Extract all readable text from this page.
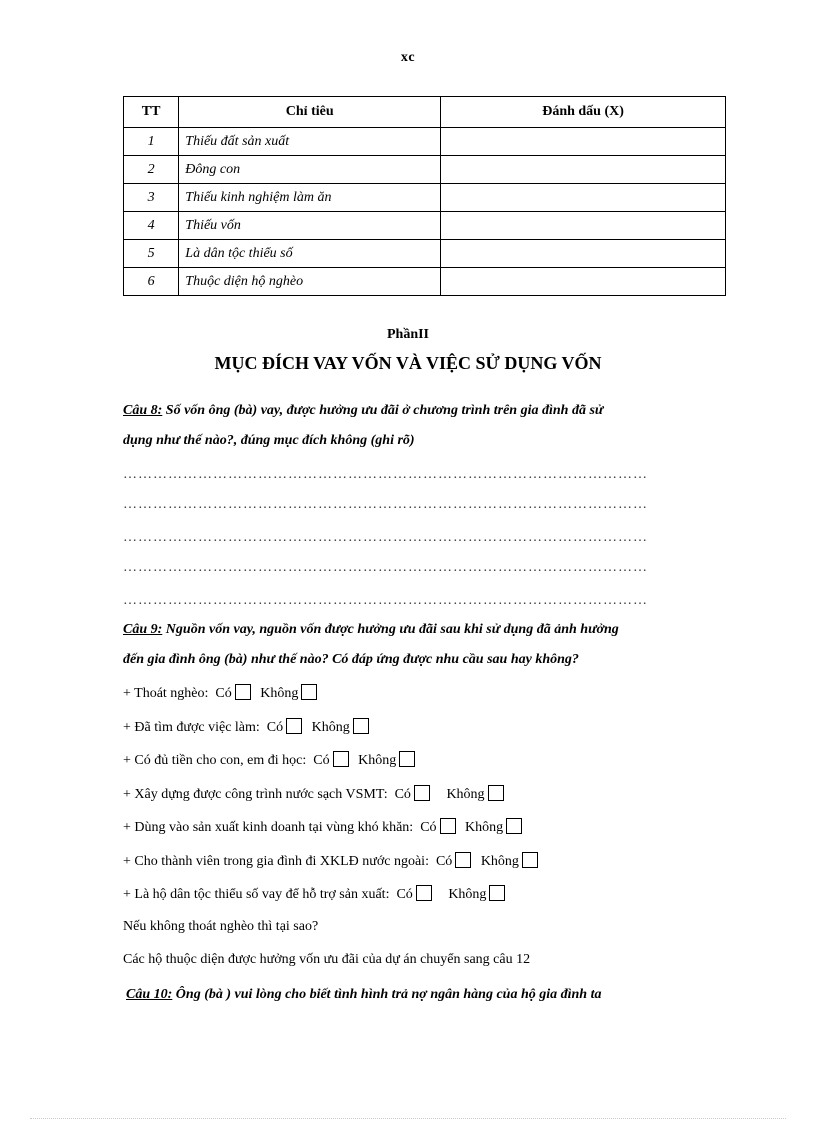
xc
TT	Chỉ tiêu	Đánh dấu (X)
1	Thiếu đất sản xuất	
2	Đông con	
3	Thiếu kinh nghiệm làm ăn	
4	Thiếu vốn	
5	Là dân tộc thiểu số	
6	Thuộc diện hộ nghèo	
PhầnII
MỤC ĐÍCH VAY VỐN VÀ VIỆC SỬ DỤNG VỐN
Câu 8: Số vốn ông (bà) vay, được hưởng ưu đãi ở chương trình trên gia đình đã sử
dụng như thế nào?, đúng mục đích không (ghi rõ)
……………………………………………………………………………………………
……………………………………………………………………………………………
……………………………………………………………………………………………
……………………………………………………………………………………………
……………………………………………………………………………………………
Câu 9: Nguồn vốn vay, nguồn vốn được hưởng ưu đãi sau khi sử dụng đã ảnh hưởng
đến gia đình ông (bà) như thế nào? Có đáp ứng được nhu cầu sau hay không?
+ Thoát nghèo: Có Không
+ Đã tìm được việc làm: Có Không
+ Có đủ tiền cho con, em đi học: Có Không
+ Xây dựng được công trình nước sạch VSMT: Có	Không
+ Dùng vào sản xuất kinh doanh tại vùng khó khăn: Có Không
+ Cho thành viên trong gia đình đi XKLĐ nước ngoài: Có Không
+ Là hộ dân tộc thiểu số vay để hỗ trợ sản xuất: Có	Không
Nếu không thoát nghèo thì tại sao?
Các hộ thuộc diện được hưởng vốn ưu đãi của dự án chuyển sang câu 12
Câu 10: Ông (bà ) vui lòng cho biết tình hình trả nợ ngân hàng của hộ gia đình ta
